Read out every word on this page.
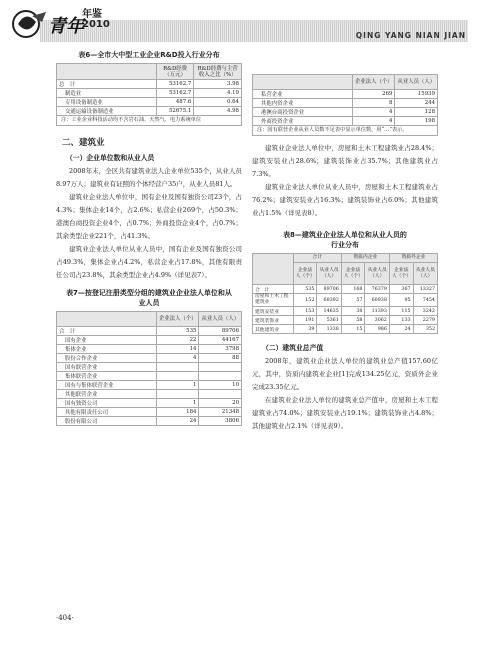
青年
年鉴
2010
QING YANG NIAN JIAN
表6—全市大中型工业企业R&D投入行业分布
	R&D经费（万元）	R&D经费与主营收入之比（%）
总　计	53162.7	3.98
制造业	53162.7	4.19
专用设备制造业	487.6	0.64
交通运输设备制造业	52675.1	4.98
注：工业企业科技活动均不含岩石油、天然气、电力系统单位		
二、建筑业
（一）企业单位数和从业人员

2008年末，全区共有建筑业法人企业单位535个，从业人员8.97万人；建筑业有证照的个体经营户35户，从业人员81人。

建筑业企业法人单位中，国有企业及国有独资公司23个，占4.3%；集体企业14个，占2.6%；私营企业269个，占50.3%；港澳台商投资企业4个，占0.7%；外商投资企业4个，占0.7%；其余类型企业221个，占41.3%。

建筑业企业法人单位从业人员中，国有企业及国有独资公司占49.3%，集体企业占4.2%，私营企业占17.8%，其他有限责任公司占23.8%，其余类型企业占4.9%（详见表7）。

表7—按登记注册类型分组的建筑业企业法人单位和从业人员
	企业法人（个）	从业人员（人）
合　计	535	89706
国有企业	22	44167
集体企业	14	3798
股份合作企业	4	88
国有联营企业		
集体联营企业		
国有与集体联营企业	1	10
其他联营企业		
国有独资公司	1	20
其他有限责任公司	184	21348
股份有限公司	24	3806
	企业法人（个）	从业人员（人）
私营企业	269	15939
其他内资企业	8	244
港澳台商投资企业	4	128
外商投资企业	4	198
注：国有联营企业从业人员数不足表中显示单位数，用“…”表示。		

建筑业企业法人单位中，房屋和土木工程建筑业占28.4%；建筑安装业占28.6%；建筑装饰业占35.7%；其他建筑业占7.3%。

建筑业企业法人单位从业人员中，房屋和土木工程建筑业占76.2%；建筑安装业占16.3%；建筑装饰业占6.0%；其他建筑业占1.5%（详见表8）。

表8—建筑业企业法人单位和从业人员的行业分布
	合计		资质内企业		资质外企业	
	企业法人（个）	从业人员（人）	企业法人（个）	从业人员（人）	企业法人（个）	从业人员（人）
合　计	535	89706	168	76379	367	13327
房屋和土木工程建筑业	152	68392	57	60938	95	7454
建筑安装业	153	14635	38	11393	115	3242
建筑装饰业	191	5361	58	3062	133	2279
其他建筑业	39	1338	15	986	24	352
（二）建筑业总产值

2008年，建筑业企业法人单位的建筑业总产值157.60亿元，其中，资质内建筑业企业[1]完成134.25亿元，资质外企业完成23.35亿元。

在建筑业企业法人单位的建筑业总产值中，房屋和土木工程建筑业占74.0%；建筑安装业占19.1%；建筑装饰业占4.8%；其他建筑业占2.1%（详见表9）。

·404·
